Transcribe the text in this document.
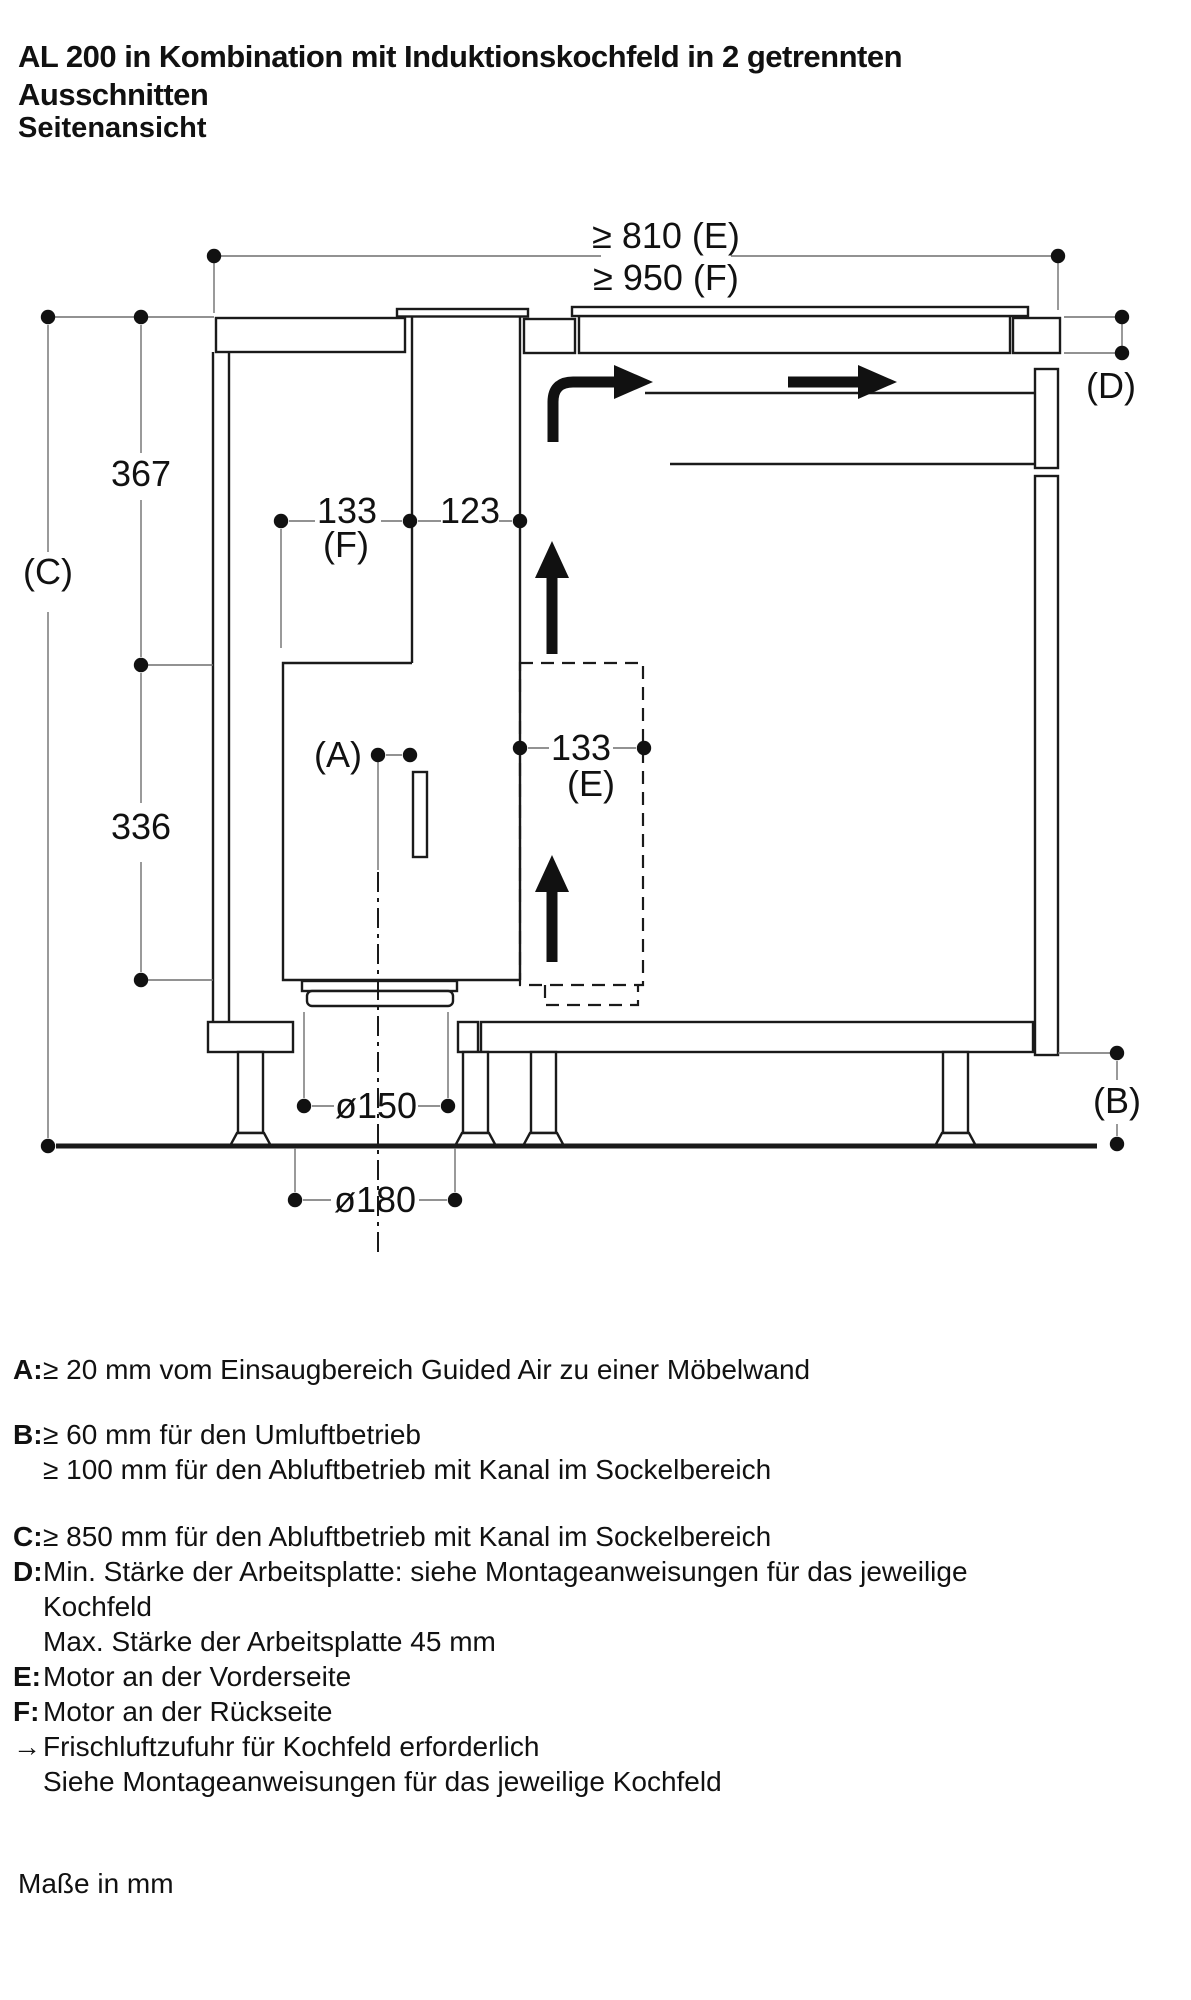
AL 200 in Kombination mit Induktionskochfeld in 2 getrennten
Ausschnitten
Seitenansicht
≥ 810 (E)
≥ 950 (F)
367
336
(C)
133
(F)
123
(A)	133
(E)
(D)
(B)
ø150
ø180
A: ≥ 20 mm vom Einsaugbereich Guided Air zu einer Möbelwand
B: ≥ 60 mm für den Umluftbetrieb
≥ 100 mm für den Abluftbetrieb mit Kanal im Sockelbereich
C: ≥ 850 mm für den Abluftbetrieb mit Kanal im Sockelbereich
D: Min. Stärke der Arbeitsplatte: siehe Montageanweisungen für das jeweilige
Kochfeld
Max. Stärke der Arbeitsplatte 45 mm
E: Motor an der Vorderseite
F: Motor an der Rückseite
→ Frischluftzufuhr für Kochfeld erforderlich
Siehe Montageanweisungen für das jeweilige Kochfeld
Maße in mm
